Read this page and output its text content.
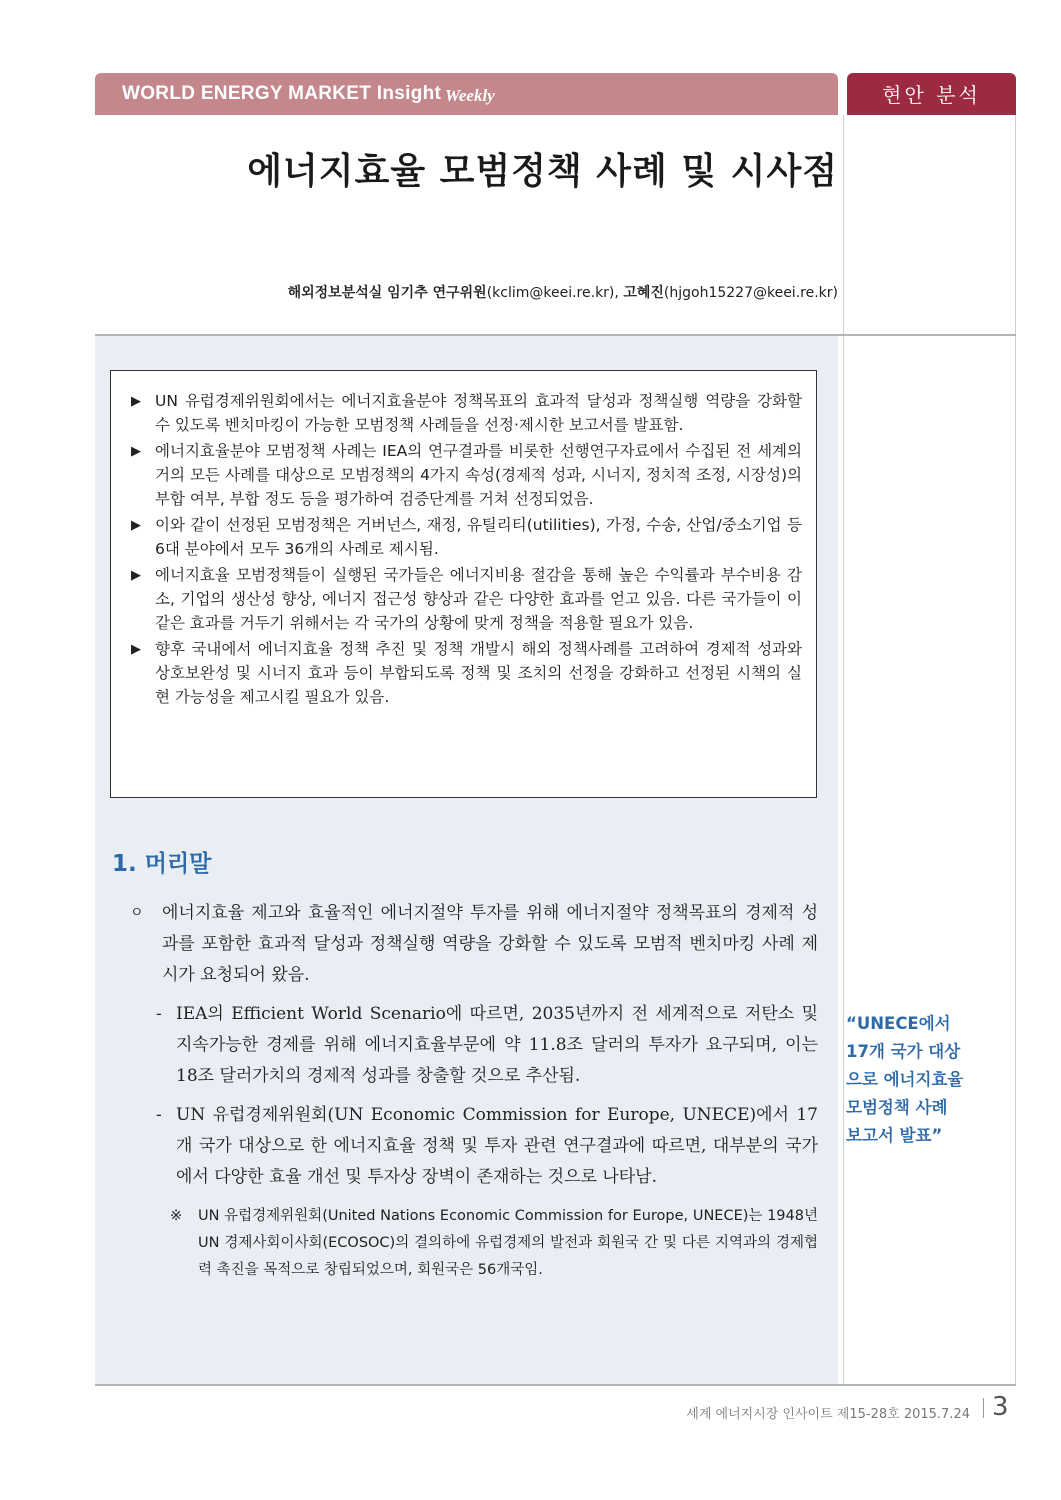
WORLD ENERGY MARKET Insight Weekly	현안 분석
에너지효율 모범정책 사례 및 시사점
해외정보분석실 임기추 연구위원(kclim@keei.re.kr), 고혜진(hjgoh15227@keei.re.kr)
▶ UN 유럽경제위원회에서는 에너지효율분야 정책목표의 효과적 달성과 정책실행 역량을 강화할 수 있도록 벤치마킹이 가능한 모범정책 사례들을 선정·제시한 보고서를 발표함.
▶ 에너지효율분야 모범정책 사례는 IEA의 연구결과를 비롯한 선행연구자료에서 수집된 전 세계의 거의 모든 사례를 대상으로 모범정책의 4가지 속성(경제적 성과, 시너지, 정치적 조정, 시장성)의 부합 여부, 부합 정도 등을 평가하여 검증단계를 거쳐 선정되었음.
▶ 이와 같이 선정된 모범정책은 거버넌스, 재정, 유틸리티(utilities), 가정, 수송, 산업/중소기업 등 6대 분야에서 모두 36개의 사례로 제시됨.
▶ 에너지효율 모범정책들이 실행된 국가들은 에너지비용 절감을 통해 높은 수익률과 부수비용 감소, 기업의 생산성 향상, 에너지 접근성 향상과 같은 다양한 효과를 얻고 있음. 다른 국가들이 이같은 효과를 거두기 위해서는 각 국가의 상황에 맞게 정책을 적용할 필요가 있음.
▶ 향후 국내에서 에너지효율 정책 추진 및 정책 개발시 해외 정책사례를 고려하여 경제적 성과와 상호보완성 및 시너지 효과 등이 부합되도록 정책 및 조치의 선정을 강화하고 선정된 시책의 실현 가능성을 제고시킬 필요가 있음.
1. 머리말
ㅇ	에너지효율 제고와 효율적인 에너지절약 투자를 위해 에너지절약 정책목표의 경제적 성과를 포함한 효과적 달성과 정책실행 역량을 강화할 수 있도록 모범적 벤치마킹 사례 제시가 요청되어 왔음.
- IEA의 Efficient World Scenario에 따르면, 2035년까지 전 세계적으로 저탄소 및 지속가능한 경제를 위해 에너지효율부문에 약 11.8조 달러의 투자가 요구되며, 이는 18조 달러가치의 경제적 성과를 창출할 것으로 추산됨.
- UN 유럽경제위원회(UN Economic Commission for Europe, UNECE)에서 17개 국가 대상으로 한 에너지효율 정책 및 투자 관련 연구결과에 따르면, 대부분의 국가에서 다양한 효율 개선 및 투자상 장벽이 존재하는 것으로 나타남.
※	UN 유럽경제위원회(United Nations Economic Commission for Europe, UNECE)는 1948년 UN 경제사회이사회(ECOSOC)의 결의하에 유럽경제의 발전과 회원국 간 및 다른 지역과의 경제협력 촉진을 목적으로 창립되었으며, 회원국은 56개국임.
“UNECE에서 17개 국가 대상으로 에너지효율 모범정책 사례 보고서 발표”
세계 에너지시장 인사이트 제15-28호 2015.7.24 3
